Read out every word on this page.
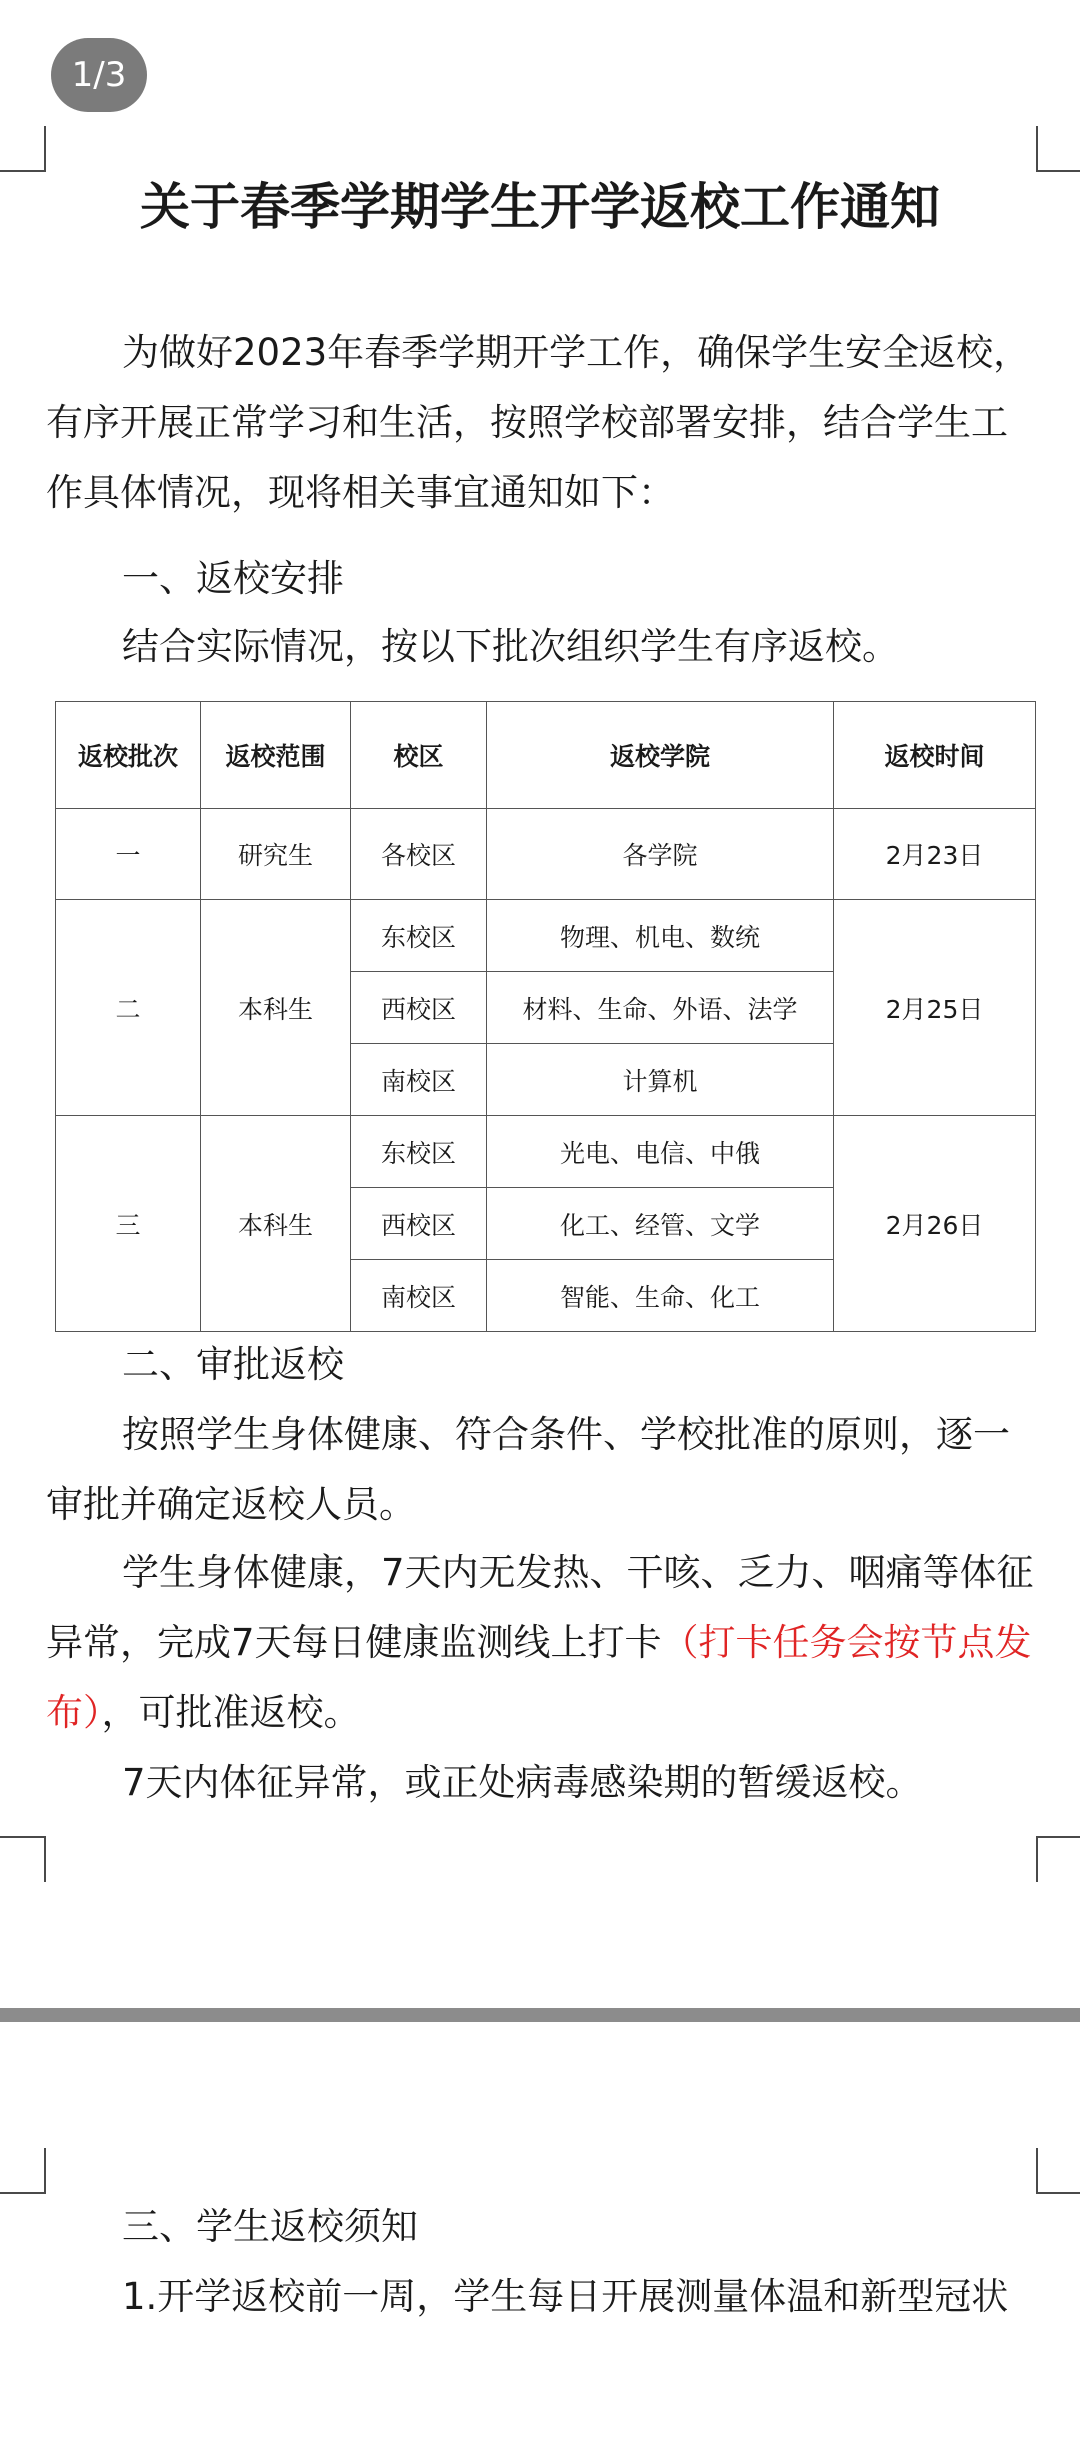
1/3
关于春季学期学生开学返校工作通知

为做好2023年春季学期开学工作，确保学生安全返校，有序开展正常学习和生活，按照学校部署安排，结合学生工作具体情况，现将相关事宜通知如下：

一、返校安排
结合实际情况，按以下批次组织学生有序返校。
返校批次	返校范围	校区	返校学院	返校时间
一	研究生	各校区	各学院	2月23日
二	本科生	东校区	物理、机电、数统	2月25日
		西校区	材料、生命、外语、法学	
		南校区	计算机	
三	本科生	东校区	光电、电信、中俄	2月26日
		西校区	化工、经管、文学	
		南校区	智能、生命、化工	
二、审批返校

按照学生身体健康、符合条件、学校批准的原则，逐一审批并确定返校人员。

学生身体健康，7天内无发热、干咳、乏力、咽痛等体征异常，完成7天每日健康监测线上打卡（打卡任务会按节点发布），可批准返校。

7天内体征异常，或正处病毒感染期的暂缓返校。

三、学生返校须知
1.开学返校前一周，学生每日开展测量体温和新型冠状
